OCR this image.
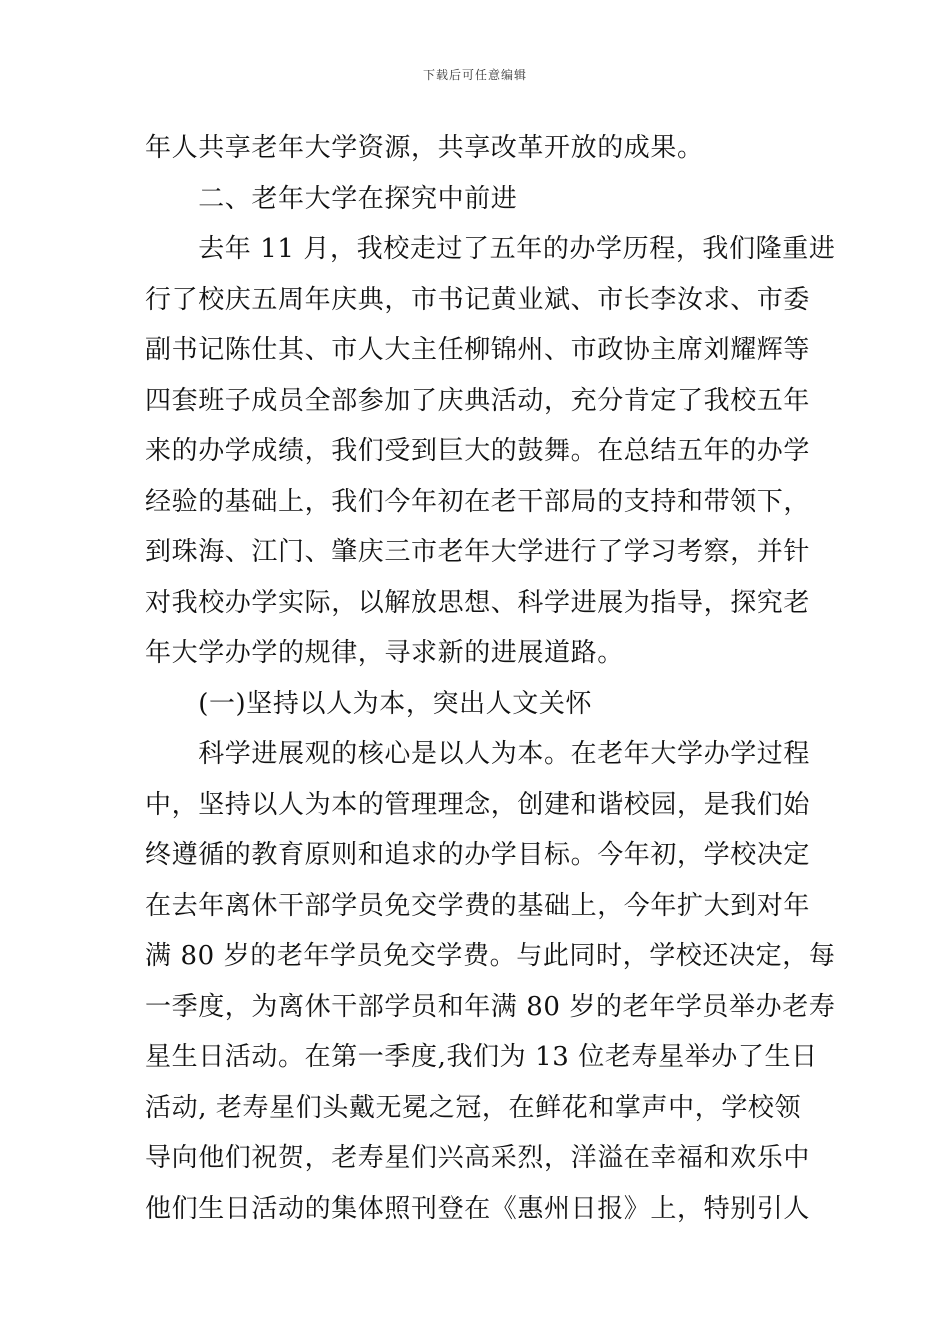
下载后可任意编辑
年人共享老年大学资源，共享改革开放的成果。
　　二、老年大学在探究中前进
　　去年 11 月，我校走过了五年的办学历程，我们隆重进
行了校庆五周年庆典，市书记黄业斌、市长李汝求、市委
副书记陈仕其、市人大主任柳锦州、市政协主席刘耀辉等
四套班子成员全部参加了庆典活动，充分肯定了我校五年
来的办学成绩，我们受到巨大的鼓舞。在总结五年的办学
经验的基础上，我们今年初在老干部局的支持和带领下，
到珠海、江门、肇庆三市老年大学进行了学习考察，并针
对我校办学实际，以解放思想、科学进展为指导，探究老
年大学办学的规律，寻求新的进展道路。
　　(一)坚持以人为本，突出人文关怀
　　科学进展观的核心是以人为本。在老年大学办学过程
中，坚持以人为本的管理理念，创建和谐校园，是我们始
终遵循的教育原则和追求的办学目标。今年初，学校决定
在去年离休干部学员免交学费的基础上，今年扩大到对年
满 80 岁的老年学员免交学费。与此同时，学校还决定，每
一季度，为离休干部学员和年满 80 岁的老年学员举办老寿
星生日活动。在第一季度,我们为 13 位老寿星举办了生日
活动, 老寿星们头戴无冕之冠，在鲜花和掌声中，学校领
导向他们祝贺，老寿星们兴高采烈，洋溢在幸福和欢乐中
他们生日活动的集体照刊登在《惠州日报》上，特别引人
